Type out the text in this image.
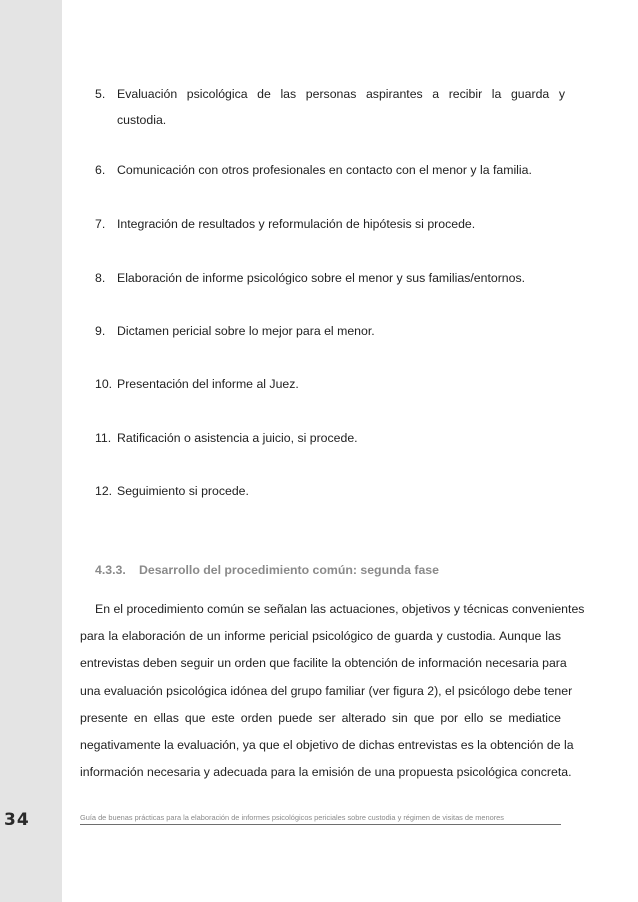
34
5. Evaluación psicológica de las personas aspirantes a recibir la guarda y
custodia.
6. Comunicación con otros profesionales en contacto con el menor y la familia.
7. Integración de resultados y reformulación de hipótesis si procede.
8. Elaboración de informe psicológico sobre el menor y sus familias/entornos.
9. Dictamen pericial sobre lo mejor para el menor.
10. Presentación del informe al Juez.
11. Ratificación o asistencia a juicio, si procede.
12. Seguimiento si procede.
4.3.3. Desarrollo del procedimiento común: segunda fase
En el procedimiento común se señalan las actuaciones, objetivos y técnicas convenientes
para la elaboración de un informe pericial psicológico de guarda y custodia. Aunque las
entrevistas deben seguir un orden que facilite la obtención de información necesaria para
una evaluación psicológica idónea del grupo familiar (ver figura 2), el psicólogo debe tener
presente en ellas que este orden puede ser alterado sin que por ello se mediatice
negativamente la evaluación, ya que el objetivo de dichas entrevistas es la obtención de la
información necesaria y adecuada para la emisión de una propuesta psicológica concreta.
Guía de buenas prácticas para la elaboración de informes psicológicos periciales sobre custodia y régimen de visitas de menores
